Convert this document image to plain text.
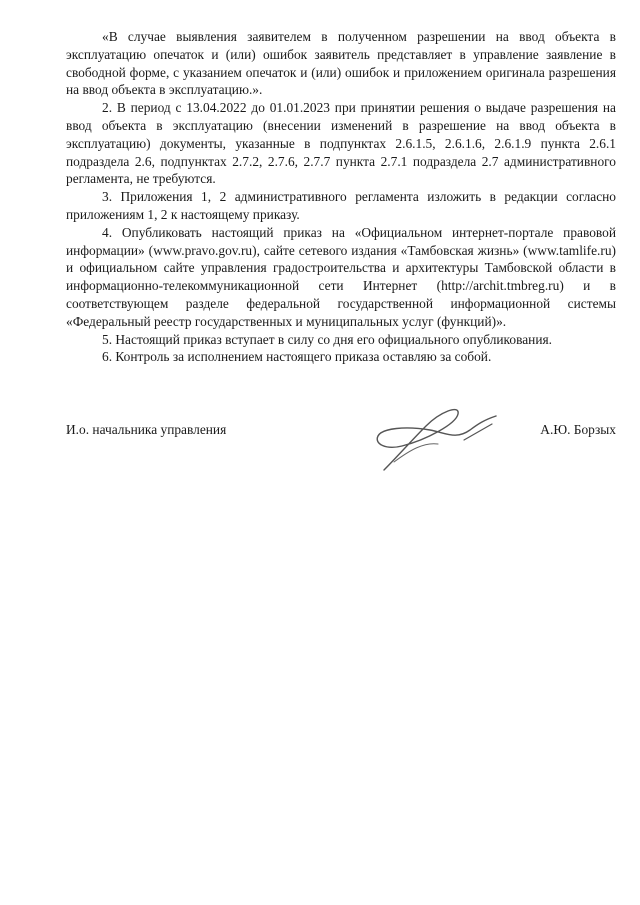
«В случае выявления заявителем в полученном разрешении на ввод объекта в эксплуатацию опечаток и (или) ошибок заявитель представляет в управление заявление в свободной форме, с указанием опечаток и (или) ошибок и приложением оригинала разрешения на ввод объекта в эксплуатацию.».

2. В период с 13.04.2022 до 01.01.2023 при принятии решения о выдаче разрешения на ввод объекта в эксплуатацию (внесении изменений в разрешение на ввод объекта в эксплуатацию) документы, указанные в подпунктах 2.6.1.5, 2.6.1.6, 2.6.1.9 пункта 2.6.1 подраздела 2.6, подпунктах 2.7.2, 2.7.6, 2.7.7 пункта 2.7.1 подраздела 2.7 административного регламента, не требуются.

3. Приложения 1, 2 административного регламента изложить в редакции согласно приложениям 1, 2 к настоящему приказу.

4. Опубликовать настоящий приказ на «Официальном интернет-портале правовой информации» (www.pravo.gov.ru), сайте сетевого издания «Тамбовская жизнь» (www.tamlife.ru) и официальном сайте управления градостроительства и архитектуры Тамбовской области в информационно-телекоммуникационной сети Интернет (http://archit.tmbreg.ru) и в соответствующем разделе федеральной государственной информационной системы «Федеральный реестр государственных и муниципальных услуг (функций)».

5. Настоящий приказ вступает в силу со дня его официального опубликования.

6. Контроль за исполнением настоящего приказа оставляю за собой.

И.о. начальника управления	А.Ю. Борзых
